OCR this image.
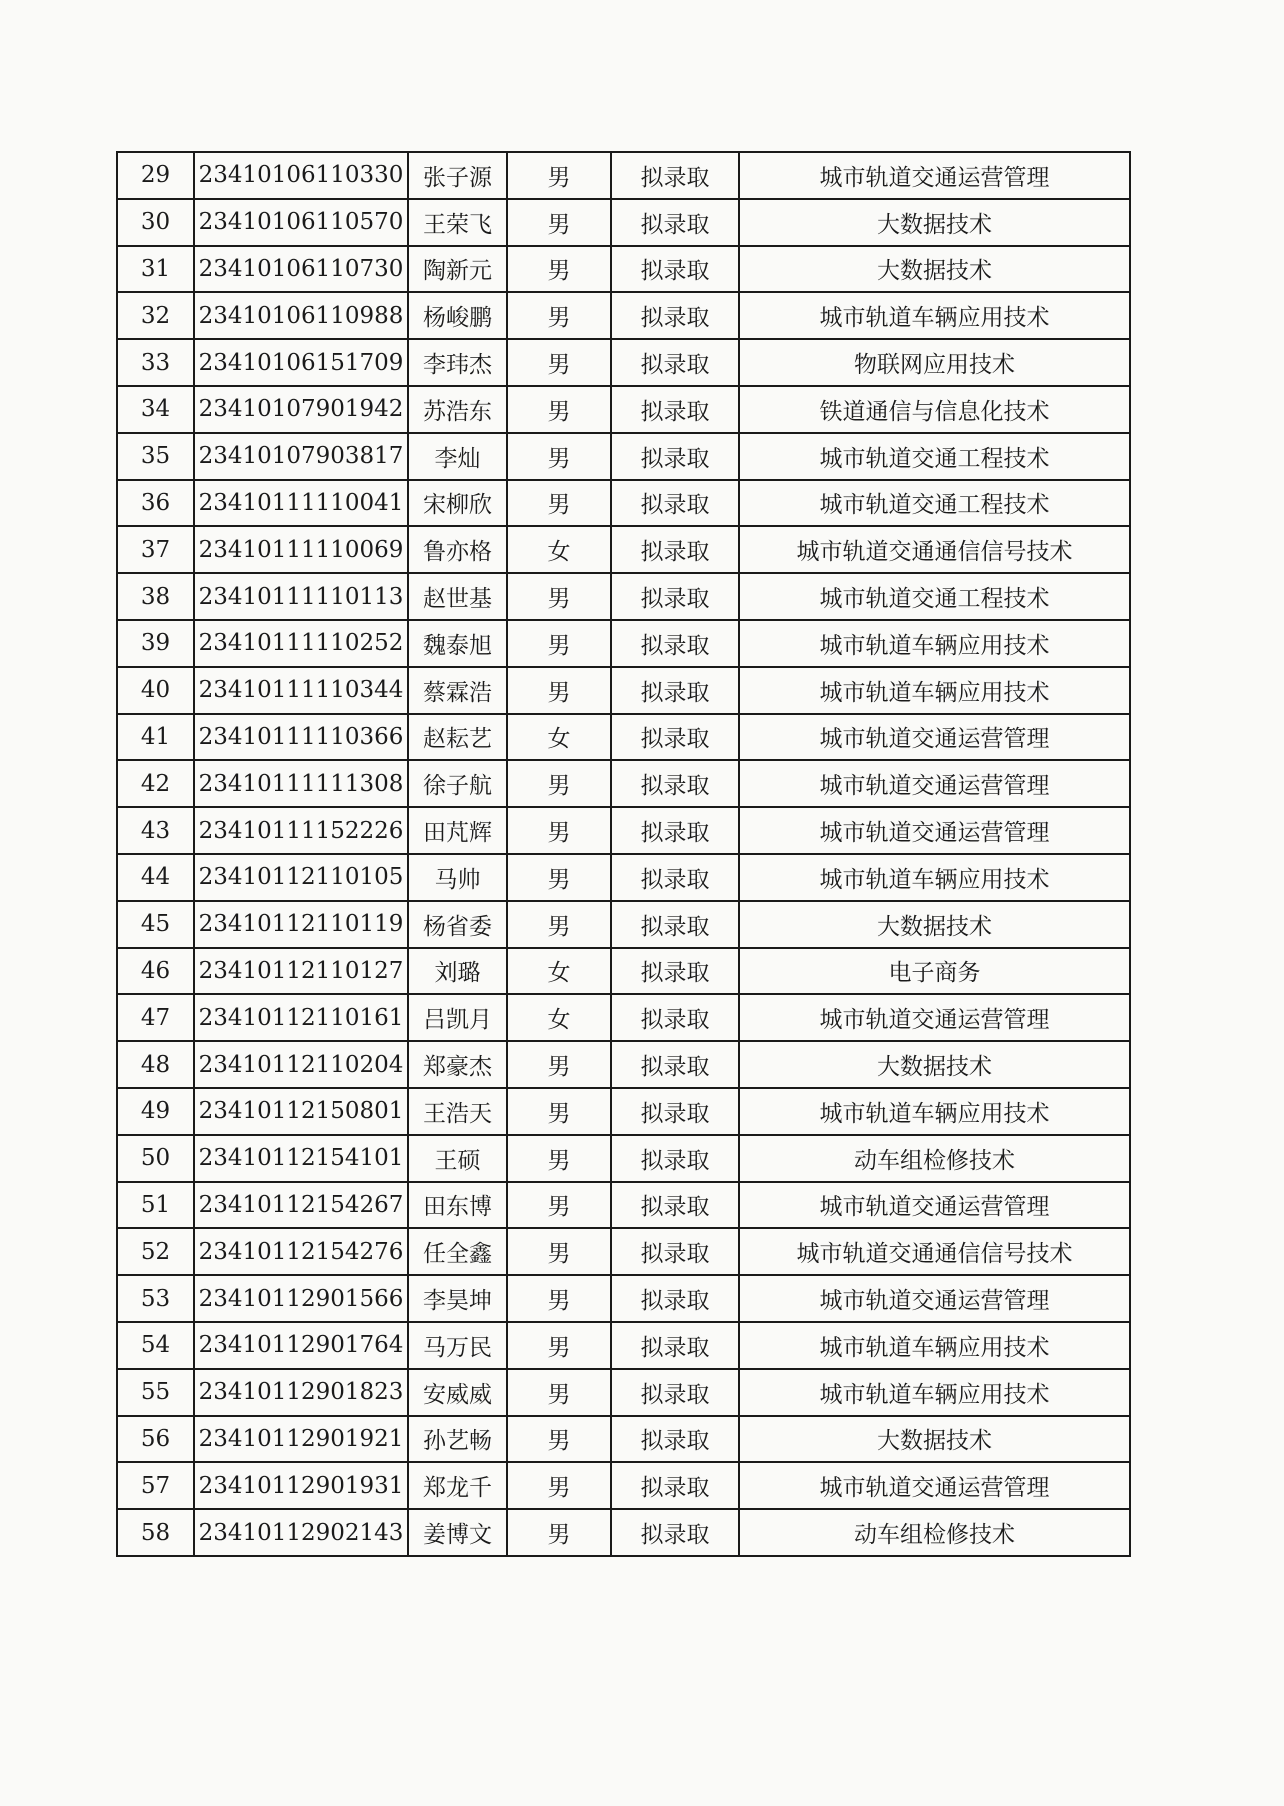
29	23410106110330	张子源	男	拟录取	城市轨道交通运营管理
30	23410106110570	王荣飞	男	拟录取	大数据技术
31	23410106110730	陶新元	男	拟录取	大数据技术
32	23410106110988	杨峻鹏	男	拟录取	城市轨道车辆应用技术
33	23410106151709	李玮杰	男	拟录取	物联网应用技术
34	23410107901942	苏浩东	男	拟录取	铁道通信与信息化技术
35	23410107903817	李灿	男	拟录取	城市轨道交通工程技术
36	23410111110041	宋柳欣	男	拟录取	城市轨道交通工程技术
37	23410111110069	鲁亦格	女	拟录取	城市轨道交通通信信号技术
38	23410111110113	赵世基	男	拟录取	城市轨道交通工程技术
39	23410111110252	魏泰旭	男	拟录取	城市轨道车辆应用技术
40	23410111110344	蔡霖浩	男	拟录取	城市轨道车辆应用技术
41	23410111110366	赵耘艺	女	拟录取	城市轨道交通运营管理
42	23410111111308	徐子航	男	拟录取	城市轨道交通运营管理
43	23410111152226	田芃辉	男	拟录取	城市轨道交通运营管理
44	23410112110105	马帅	男	拟录取	城市轨道车辆应用技术
45	23410112110119	杨省委	男	拟录取	大数据技术
46	23410112110127	刘璐	女	拟录取	电子商务
47	23410112110161	吕凯月	女	拟录取	城市轨道交通运营管理
48	23410112110204	郑豪杰	男	拟录取	大数据技术
49	23410112150801	王浩天	男	拟录取	城市轨道车辆应用技术
50	23410112154101	王硕	男	拟录取	动车组检修技术
51	23410112154267	田东博	男	拟录取	城市轨道交通运营管理
52	23410112154276	任全鑫	男	拟录取	城市轨道交通通信信号技术
53	23410112901566	李昊坤	男	拟录取	城市轨道交通运营管理
54	23410112901764	马万民	男	拟录取	城市轨道车辆应用技术
55	23410112901823	安威威	男	拟录取	城市轨道车辆应用技术
56	23410112901921	孙艺畅	男	拟录取	大数据技术
57	23410112901931	郑龙千	男	拟录取	城市轨道交通运营管理
58	23410112902143	姜博文	男	拟录取	动车组检修技术
